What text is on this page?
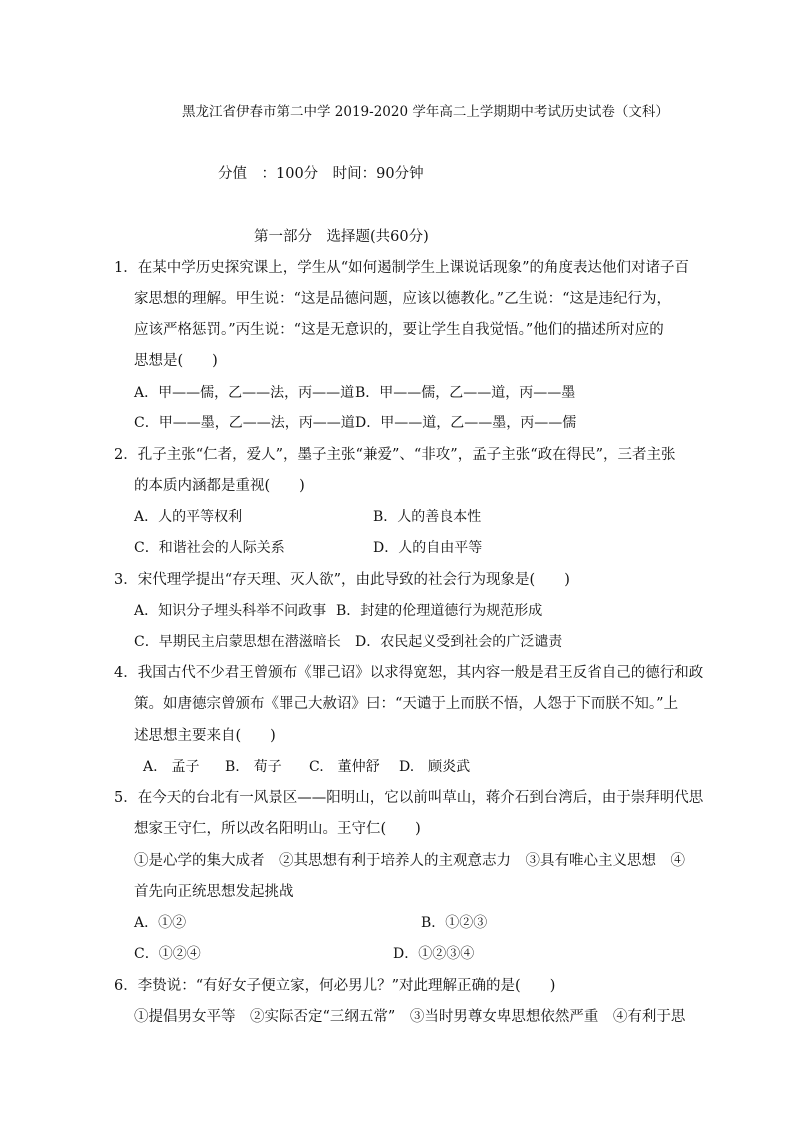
黑龙江省伊春市第二中学 2019-2020 学年高二上学期期中考试历史试卷（文科）
分值　：100分　时间：90分钟
第一部分　选择题(共60分)
1．在某中学历史探究课上，学生从“如何遏制学生上课说话现象”的角度表达他们对诸子百
家思想的理解。甲生说：“这是品德问题，应该以德教化。”乙生说：“这是违纪行为，
应该严格惩罚。”丙生说：“这是无意识的，要让学生自我觉悟。”他们的描述所对应的
思想是(　　)
A．甲——儒，乙——法，丙——道 B．甲——儒，乙——道，丙——墨
C．甲——墨，乙——法，丙——道 D．甲——道，乙——墨，丙——儒
2．孔子主张“仁者，爱人”，墨子主张“兼爱”、“非攻”，孟子主张“政在得民”，三者主张
的本质内涵都是重视(　　)
A．人的平等权利	B．人的善良本性
C．和谐社会的人际关系	D．人的自由平等
3．宋代理学提出“存天理、灭人欲”，由此导致的社会行为现象是(　　)
A．知识分子埋头科举不问政事 B．封建的伦理道德行为规范形成
C．早期民主启蒙思想在潜滋暗长 D．农民起义受到社会的广泛谴责
4．我国古代不少君王曾颁布《罪己诏》以求得宽恕，其内容一般是君王反省自己的德行和政
策。如唐德宗曾颁布《罪己大赦诏》曰：“天谴于上而朕不悟，人怨于下而朕不知。”上
述思想主要来自(　　)
A.　孟子 B.　荀子 C.　董仲舒 D.　顾炎武
5．在今天的台北有一风景区——阳明山，它以前叫草山，蒋介石到台湾后，由于崇拜明代思
想家王守仁，所以改名阳明山。王守仁(　　)
①是心学的集大成者　②其思想有利于培养人的主观意志力　③具有唯心主义思想　④
首先向正统思想发起挑战
A．①②	B．①②③
C．①②④	D．①②③④
6．李贽说：“有好女子便立家，何必男儿？”对此理解正确的是(　　)
①提倡男女平等　②实际否定“三纲五常”　③当时男尊女卑思想依然严重　④有利于思
